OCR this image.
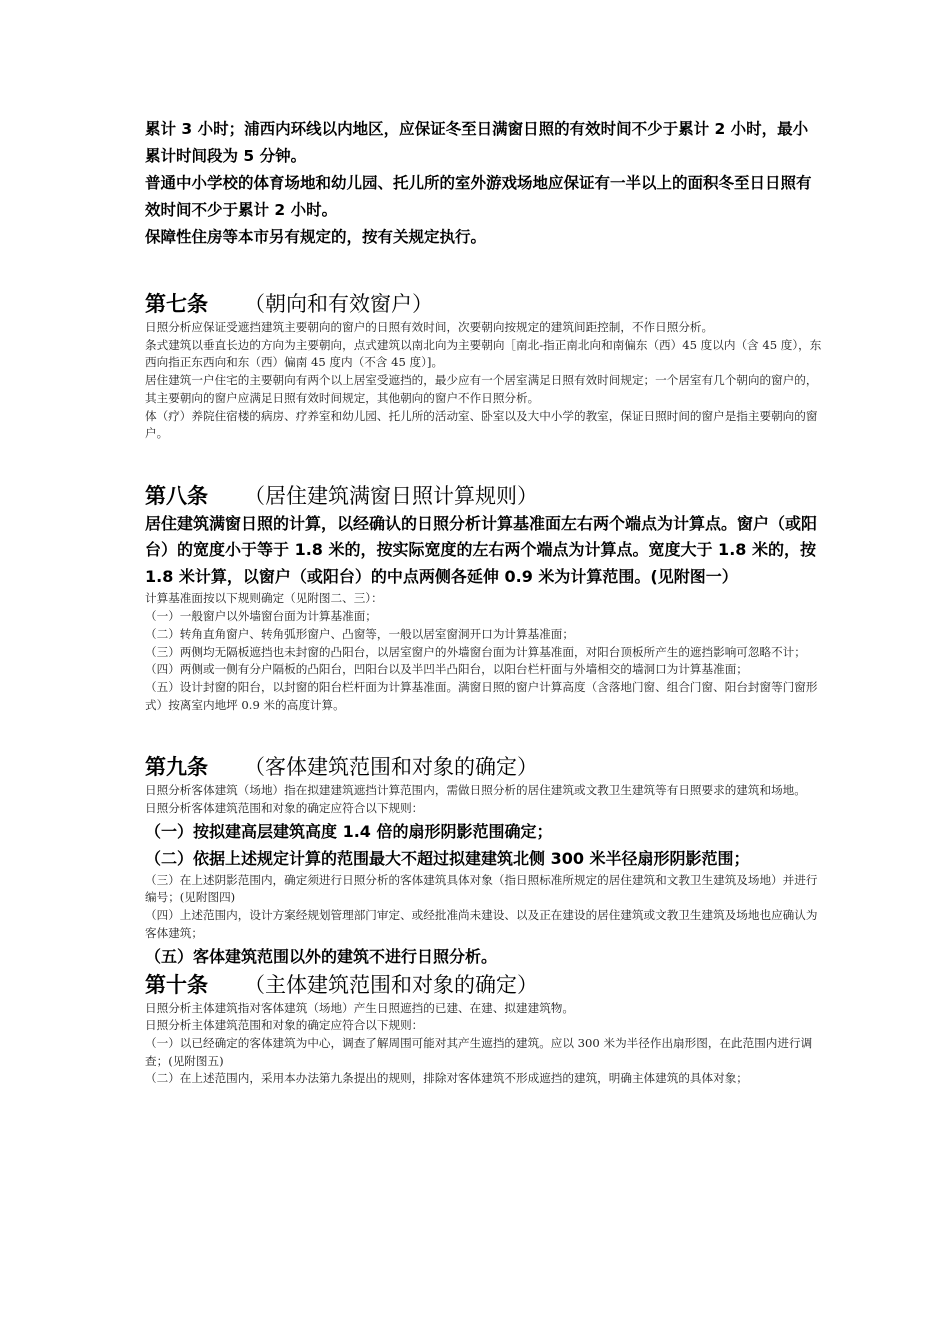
累计 3 小时；浦西内环线以内地区，应保证冬至日满窗日照的有效时间不少于累计 2 小时，最小累计时间段为 5 分钟。

普通中小学校的体育场地和幼儿园、托儿所的室外游戏场地应保证有一半以上的面积冬至日日照有效时间不少于累计 2 小时。

保障性住房等本市另有规定的，按有关规定执行。

第七条 （朝向和有效窗户）

日照分析应保证受遮挡建筑主要朝向的窗户的日照有效时间，次要朝向按规定的建筑间距控制，不作日照分析。

条式建筑以垂直长边的方向为主要朝向，点式建筑以南北向为主要朝向［南北-指正南北向和南偏东（西）45 度以内（含 45 度），东西向指正东西向和东（西）偏南 45 度内（不含 45 度）]。

居住建筑一户住宅的主要朝向有两个以上居室受遮挡的，最少应有一个居室满足日照有效时间规定；一个居室有几个朝向的窗户的，其主要朝向的窗户应满足日照有效时间规定，其他朝向的窗户不作日照分析。

体（疗）养院住宿楼的病房、疗养室和幼儿园、托儿所的活动室、卧室以及大中小学的教室，保证日照时间的窗户是指主要朝向的窗户。

第八条 （居住建筑满窗日照计算规则）

居住建筑满窗日照的计算，以经确认的日照分析计算基准面左右两个端点为计算点。窗户（或阳台）的宽度小于等于 1.8 米的，按实际宽度的左右两个端点为计算点。宽度大于 1.8 米的，按 1.8 米计算，以窗户（或阳台）的中点两侧各延伸 0.9 米为计算范围。(见附图一）

计算基准面按以下规则确定（见附图二、三）：

（一）一般窗户以外墙窗台面为计算基准面；

（二）转角直角窗户、转角弧形窗户、凸窗等，一般以居室窗洞开口为计算基准面；

（三）两侧均无隔板遮挡也未封窗的凸阳台，以居室窗户的外墙窗台面为计算基准面，对阳台顶板所产生的遮挡影响可忽略不计；

（四）两侧或一侧有分户隔板的凸阳台，凹阳台以及半凹半凸阳台，以阳台栏杆面与外墙相交的墙洞口为计算基准面；

（五）设计封窗的阳台，以封窗的阳台栏杆面为计算基准面。满窗日照的窗户计算高度（含落地门窗、组合门窗、阳台封窗等门窗形式）按离室内地坪 0.9 米的高度计算。

第九条 （客体建筑范围和对象的确定）

日照分析客体建筑（场地）指在拟建建筑遮挡计算范围内，需做日照分析的居住建筑或文教卫生建筑等有日照要求的建筑和场地。

日照分析客体建筑范围和对象的确定应符合以下规则：

（一）按拟建高层建筑高度 1.4 倍的扇形阴影范围确定；

（二）依据上述规定计算的范围最大不超过拟建建筑北侧 300 米半径扇形阴影范围；

（三）在上述阴影范围内，确定须进行日照分析的客体建筑具体对象（指日照标准所规定的居住建筑和文教卫生建筑及场地）并进行编号；(见附图四)

（四）上述范围内，设计方案经规划管理部门审定、或经批准尚未建设、以及正在建设的居住建筑或文教卫生建筑及场地也应确认为客体建筑；

（五）客体建筑范围以外的建筑不进行日照分析。

第十条 （主体建筑范围和对象的确定）

日照分析主体建筑指对客体建筑（场地）产生日照遮挡的已建、在建、拟建建筑物。

日照分析主体建筑范围和对象的确定应符合以下规则：

（一）以已经确定的客体建筑为中心，调查了解周围可能对其产生遮挡的建筑。应以 300 米为半径作出扇形图，在此范围内进行调查；(见附图五)

（二）在上述范围内，采用本办法第九条提出的规则，排除对客体建筑不形成遮挡的建筑，明确主体建筑的具体对象；
